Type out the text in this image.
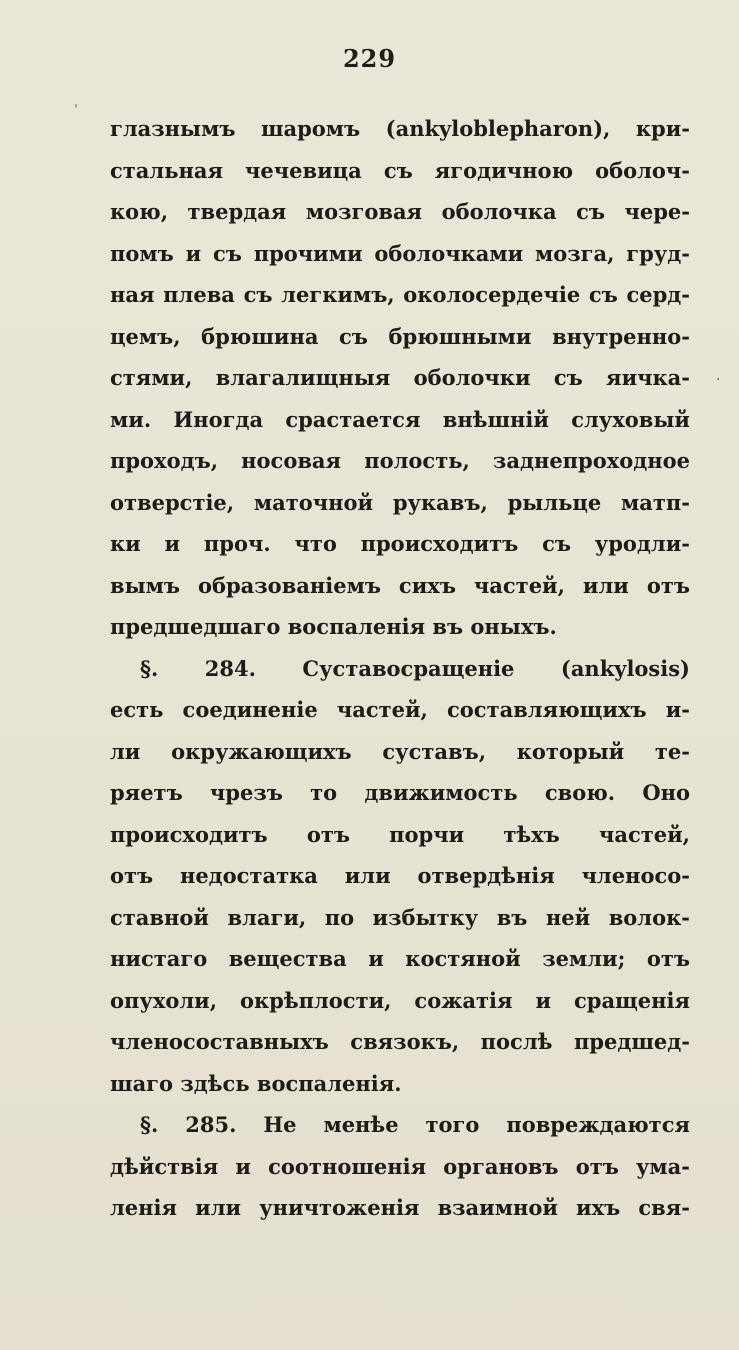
229
ˌ
·
глазнымъ шаромъ (ankyloblepharon), кри-
стальная чечевица съ ягодичною оболоч-
кою, твердая мозговая оболочка съ чере-
помъ и съ прочими оболочками мозга, груд-
ная плева съ легкимъ, околосердечіе съ серд-
цемъ, брюшина съ брюшными внутренно-
стями, влагалищныя оболочки съ яичка-
ми. Иногда срастается внѣшній слуховый
проходъ, носовая полость, заднепроходное
отверстіе, маточной рукавъ, рыльце матп-
ки и проч. что происходитъ съ уродли-
вымъ образованіемъ сихъ частей, или отъ
предшедшаго воспаленія въ оныхъ.
§. 284. Суставосращеніе (ankylosis)
есть соединеніе частей, составляющихъ и-
ли окружающихъ суставъ, который те-
ряетъ чрезъ то движимость свою. Оно
происходитъ отъ порчи тѣхъ частей,
отъ недостатка или отвердѣнія членосо-
ставной влаги, по избытку въ ней волок-
нистаго вещества и костяной земли; отъ
опухоли, окрѣплости, сожатія и сращенія
членосоставныхъ связокъ, послѣ предшед-
шаго здѣсь воспаленія.
§. 285. Не менѣе того повреждаются
дѣйствія и соотношенія органовъ отъ ума-
ленія или уничтоженія взаимной ихъ свя-
